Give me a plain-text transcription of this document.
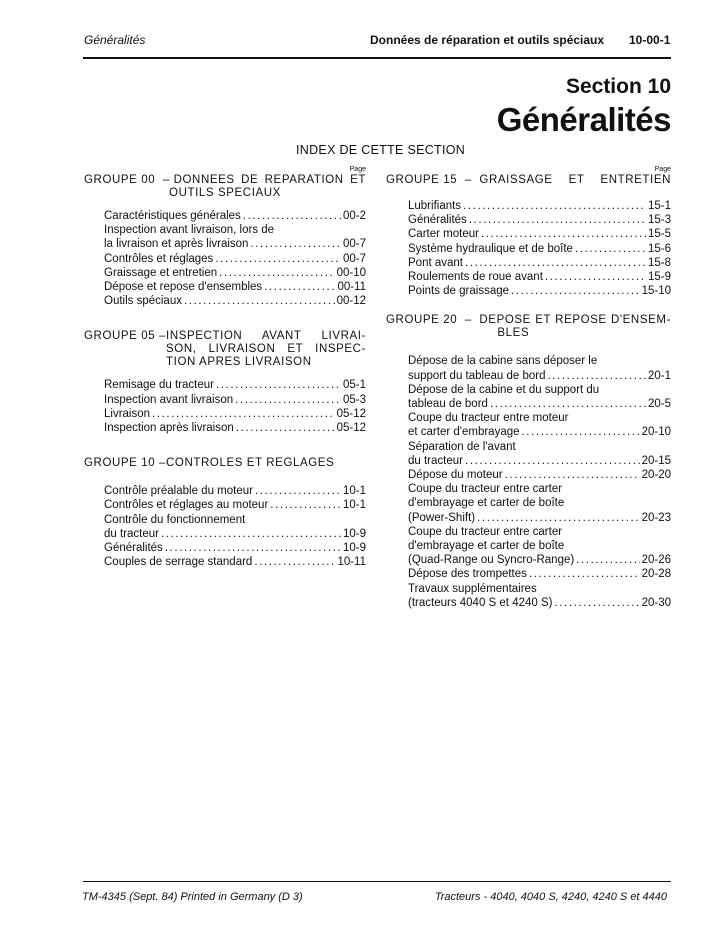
Généralités	Données de réparation et outils spéciaux 10-00-1
Section 10
Généralités
INDEX DE CETTE SECTION
Page
GROUPE 00  – DONNEES DE REPARATION ET
OUTILS SPECIAUX
Caractéristiques générales .....	00-2
Inspection avant livraison, lors de
la livraison et après livraison .....	00-7
Contrôles et réglages .....	00-7
Graissage et entretien .....	00-10
Dépose et repose d'ensembles .....	00-11
Outils spéciaux .....	00-12
GROUPE 05 – INSPECTION AVANT LIVRAI-
SON, LIVRAISON ET INSPEC-
TION APRES LIVRAISON
Remisage du tracteur .....	05-1
Inspection avant livraison .....	05-3
Livraison .....	05-12
Inspection après livraison .....	05-12
GROUPE 10 – CONTROLES ET REGLAGES
Contrôle préalable du moteur .....	10-1
Contrôles et réglages au moteur .....	10-1
Contrôle du fonctionnement
du tracteur .....	10-9
Généralités .....	10-9
Couples de serrage standard .....	10-11
Page
GROUPE 15  – GRAISSAGE ET ENTRETIEN
Lubrifiants .....	15-1
Généralités .....	15-3
Carter moteur .....	15-5
Système hydraulique et de boîte .....	15-6
Pont avant .....	15-8
Roulements de roue avant .....	15-9
Points de graissage .....	15-10
GROUPE 20  – DEPOSE ET REPOSE D'ENSEM-
BLES
Dépose de la cabine sans déposer le
support du tableau de bord .....	20-1
Dépose de la cabine et du support du
tableau de bord .....	20-5
Coupe du tracteur entre moteur
et carter d'embrayage .....	20-10
Séparation de l'avant
du tracteur .....	20-15
Dépose du moteur .....	20-20
Coupe du tracteur entre carter
d'embrayage et carter de boîte
(Power-Shift) .....	20-23
Coupe du tracteur entre carter
d'embrayage et carter de boîte
(Quad-Range ou Syncro-Range) .....	20-26
Dépose des trompettes .....	20-28
Travaux supplémentaires
(tracteurs 4040 S et 4240 S) .....	20-30
TM-4345 (Sept. 84) Printed in Germany (D 3)	Tracteurs - 4040, 4040 S, 4240, 4240 S et 4440
